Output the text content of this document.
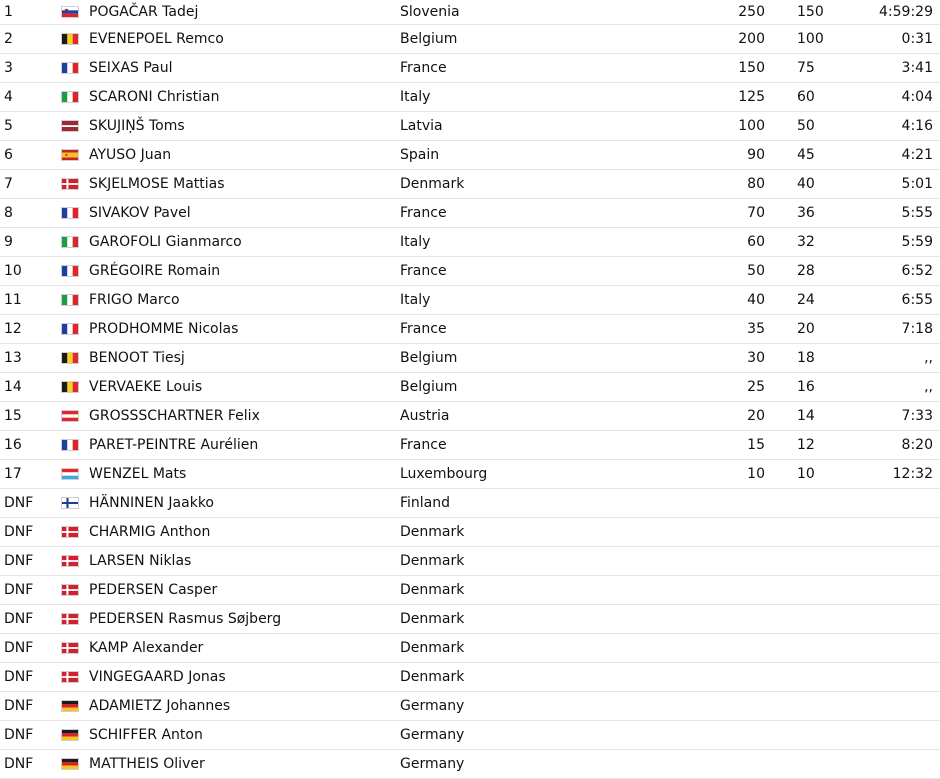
1	POGAČAR Tadej	Slovenia	250 150	4:59:29
2	EVENEPOEL Remco	Belgium	200 100	0:31
3	SEIXAS Paul	France	150 75	3:41
4	SCARONI Christian	Italy	125 60	4:04
5	SKUJIŅŠ Toms	Latvia	100 50	4:16
6	AYUSO Juan	Spain	90 45	4:21
7	SKJELMOSE Mattias	Denmark	80 40	5:01
8	SIVAKOV Pavel	France	70 36	5:55
9	GAROFOLI Gianmarco	Italy	60 32	5:59
10	GRÉGOIRE Romain	France	50 28	6:52
11	FRIGO Marco	Italy	40 24	6:55
12	PRODHOMME Nicolas	France	35 20	7:18
13	BENOOT Tiesj	Belgium	30 18	,,
14	VERVAEKE Louis	Belgium	25 16	,,
15	GROSSSCHARTNER Felix	Austria	20 14	7:33
16	PARET-PEINTRE Aurélien	France	15 12	8:20
17	WENZEL Mats	Luxembourg	10 10	12:32
DNF	HÄNNINEN Jaakko	Finland
DNF	CHARMIG Anthon	Denmark
DNF	LARSEN Niklas	Denmark
DNF	PEDERSEN Casper	Denmark
DNF	PEDERSEN Rasmus Søjberg	Denmark
DNF	KAMP Alexander	Denmark
DNF	VINGEGAARD Jonas	Denmark
DNF	ADAMIETZ Johannes	Germany
DNF	SCHIFFER Anton	Germany
DNF	MATTHEIS Oliver	Germany
